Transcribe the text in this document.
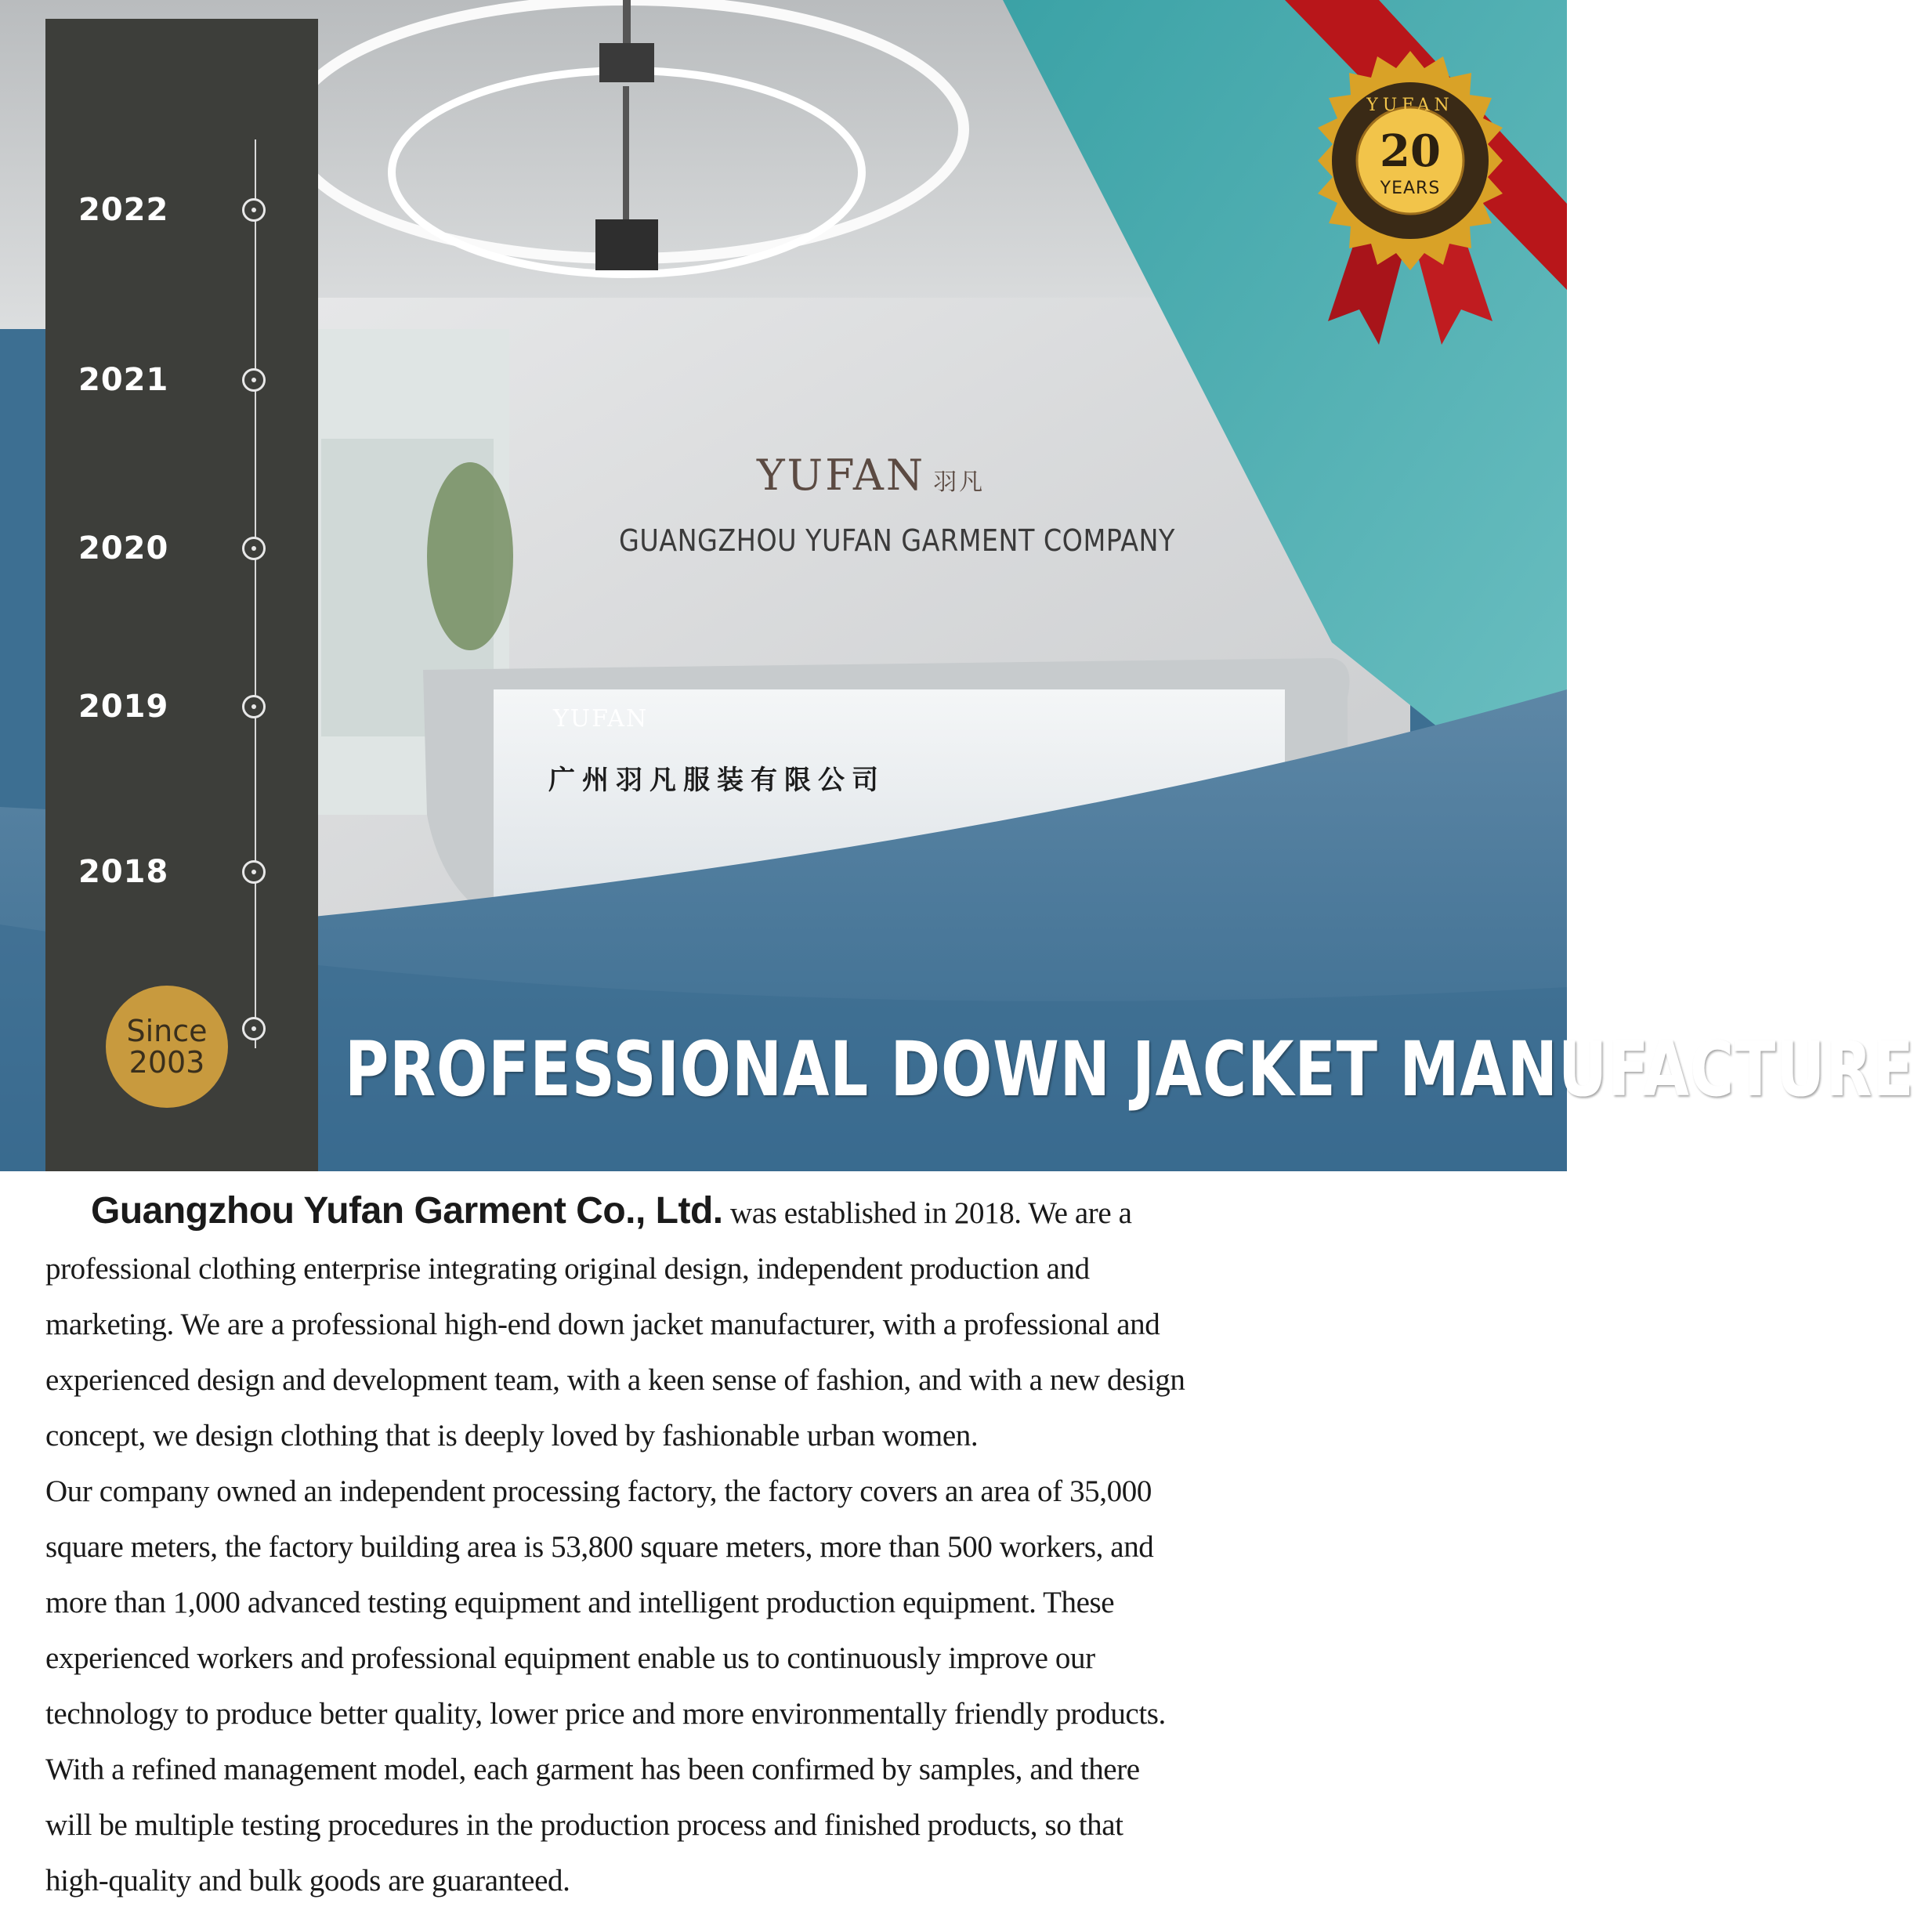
YUFAN 羽凡
GUANGZHOU YUFAN GARMENT COMPANY
YUFAN
广州羽凡服装有限公司
2022
2021
2020
2019
2018
Since
2003
YUFAN
20
YEARS
PROFESSIONAL DOWN JACKET MANUFACTURE

Guangzhou Yufan Garment Co., Ltd. was established in 2018. We are a

professional clothing enterprise integrating original design, independent production and

marketing. We are a professional high-end down jacket manufacturer, with a professional and

experienced design and development team, with a keen sense of fashion, and with a new design

concept, we design clothing that is deeply loved by fashionable urban women.

Our company owned an independent processing factory, the factory covers an area of 35,000

square meters, the factory building area is 53,800 square meters, more than 500 workers, and

more than 1,000 advanced testing equipment and intelligent production equipment. These

experienced workers and professional equipment enable us to continuously improve our

technology to produce better quality, lower price and more environmentally friendly products.

With a refined management model, each garment has been confirmed by samples, and there

will be multiple testing procedures in the production process and finished products, so that

high-quality and bulk goods are guaranteed.
